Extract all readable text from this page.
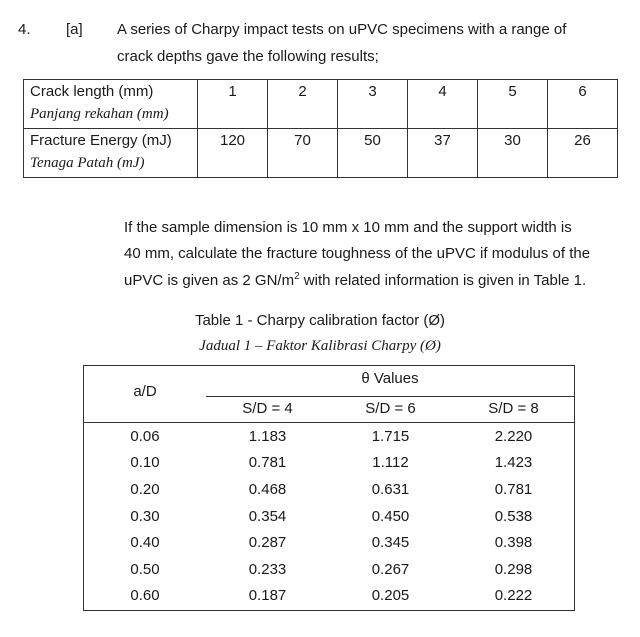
4. [a] A series of Charpy impact tests on uPVC specimens with a range of
crack depths gave the following results;
Crack length (mm)
Panjang rekahan (mm)	1	2	3	4	5	6

Fracture Energy (mJ)
Tenaga Patah (mJ)	120	70	50	37	30	26
If the sample dimension is 10 mm x 10 mm and the support width is
40 mm, calculate the fracture toughness of the uPVC if modulus of the
uPVC is given as 2 $GN/m^2$ with related information is given in Table 1.
Table 1 - Charpy calibration factor (Ø)
Jadual 1 – Faktor Kalibrasi Charpy (Ø)
a/D
θ Values
S/D = 4	S/D = 6	S/D = 8
0.06	1.183	1.715	2.220
0.10	0.781	1.112	1.423
0.20	0.468	0.631	0.781
0.30	0.354	0.450	0.538
0.40	0.287	0.345	0.398
0.50	0.233	0.267	0.298
0.60	0.187	0.205	0.222
